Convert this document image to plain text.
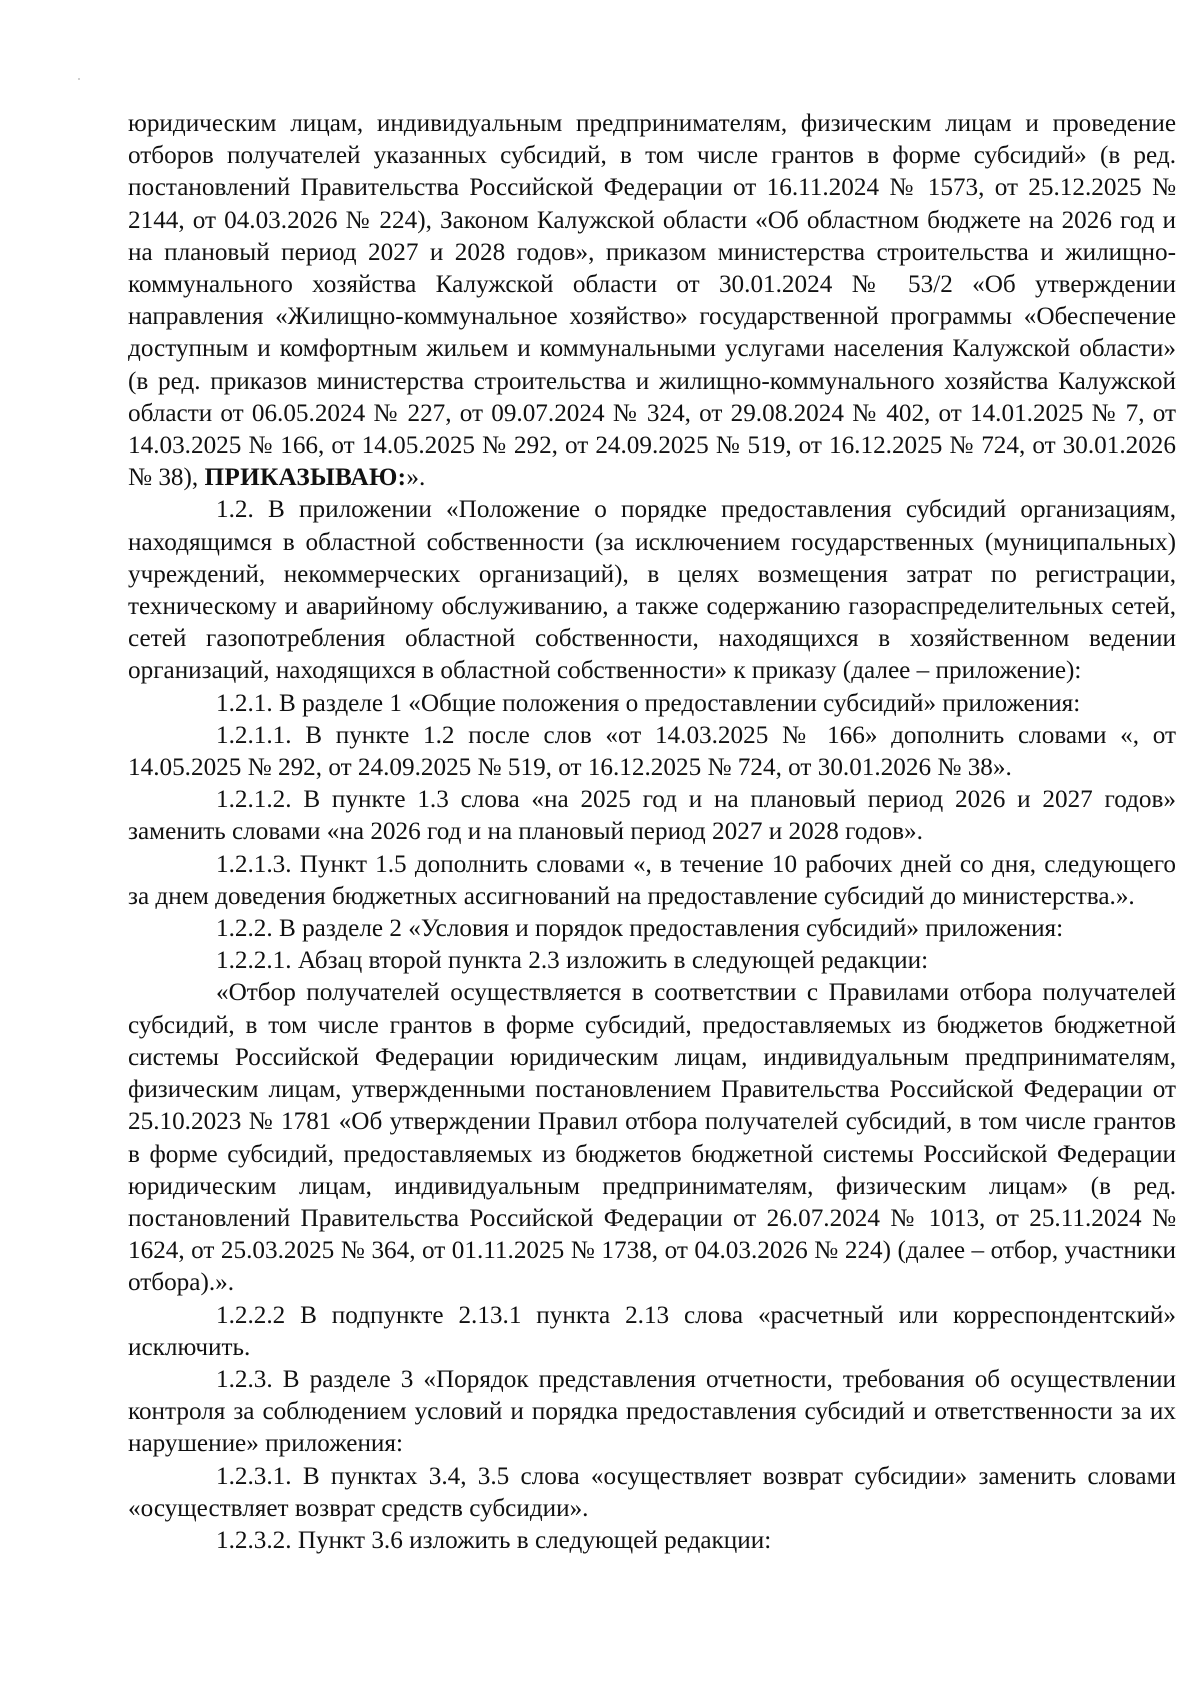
юридическим лицам, индивидуальным предпринимателям, физическим лицам и проведение отборов получателей указанных субсидий, в том числе грантов в форме субсидий» (в ред. постановлений Правительства Российской Федерации от 16.11.2024 № 1573, от 25.12.2025 № 2144, от 04.03.2026 № 224), Законом Калужской области «Об областном бюджете на 2026 год и на плановый период 2027 и 2028 годов», приказом министерства строительства и жилищно-коммунального хозяйства Калужской области от 30.01.2024 № 53/2 «Об утверждении направления «Жилищно-коммунальное хозяйство» государственной программы «Обеспечение доступным и комфортным жильем и коммунальными услугами населения Калужской области» (в ред. приказов министерства строительства и жилищно-коммунального хозяйства Калужской области от 06.05.2024 № 227, от 09.07.2024 № 324, от 29.08.2024 № 402, от 14.01.2025 № 7, от 14.03.2025 № 166, от 14.05.2025 № 292, от 24.09.2025 № 519, от 16.12.2025 № 724, от 30.01.2026 № 38), ПРИКАЗЫВАЮ:».

1.2. В приложении «Положение о порядке предоставления субсидий организациям, находящимся в областной собственности (за исключением государственных (муниципальных) учреждений, некоммерческих организаций), в целях возмещения затрат по регистрации, техническому и аварийному обслуживанию, а также содержанию газораспределительных сетей, сетей газопотребления областной собственности, находящихся в хозяйственном ведении организаций, находящихся в областной собственности» к приказу (далее – приложение):

1.2.1. В разделе 1 «Общие положения о предоставлении субсидий» приложения:

1.2.1.1. В пункте 1.2 после слов «от 14.03.2025 № 166» дополнить словами «, от 14.05.2025 № 292, от 24.09.2025 № 519, от 16.12.2025 № 724, от 30.01.2026 № 38».

1.2.1.2. В пункте 1.3 слова «на 2025 год и на плановый период 2026 и 2027 годов» заменить словами «на 2026 год и на плановый период 2027 и 2028 годов».

1.2.1.3. Пункт 1.5 дополнить словами «, в течение 10 рабочих дней со дня, следующего за днем доведения бюджетных ассигнований на предоставление субсидий до министерства.».

1.2.2. В разделе 2 «Условия и порядок предоставления субсидий» приложения:

1.2.2.1. Абзац второй пункта 2.3 изложить в следующей редакции:

«Отбор получателей осуществляется в соответствии с Правилами отбора получателей субсидий, в том числе грантов в форме субсидий, предоставляемых из бюджетов бюджетной системы Российской Федерации юридическим лицам, индивидуальным предпринимателям, физическим лицам, утвержденными постановлением Правительства Российской Федерации от 25.10.2023 № 1781 «Об утверждении Правил отбора получателей субсидий, в том числе грантов в форме субсидий, предоставляемых из бюджетов бюджетной системы Российской Федерации юридическим лицам, индивидуальным предпринимателям, физическим лицам» (в ред. постановлений Правительства Российской Федерации от 26.07.2024 № 1013, от 25.11.2024 № 1624, от 25.03.2025 № 364, от 01.11.2025 № 1738, от 04.03.2026 № 224) (далее – отбор, участники отбора).».

1.2.2.2 В подпункте 2.13.1 пункта 2.13 слова «расчетный или корреспондентский» исключить.

1.2.3. В разделе 3 «Порядок представления отчетности, требования об осуществлении контроля за соблюдением условий и порядка предоставления субсидий и ответственности за их нарушение» приложения:

1.2.3.1. В пунктах 3.4, 3.5 слова «осуществляет возврат субсидии» заменить словами «осуществляет возврат средств субсидии».

1.2.3.2. Пункт 3.6 изложить в следующей редакции:
